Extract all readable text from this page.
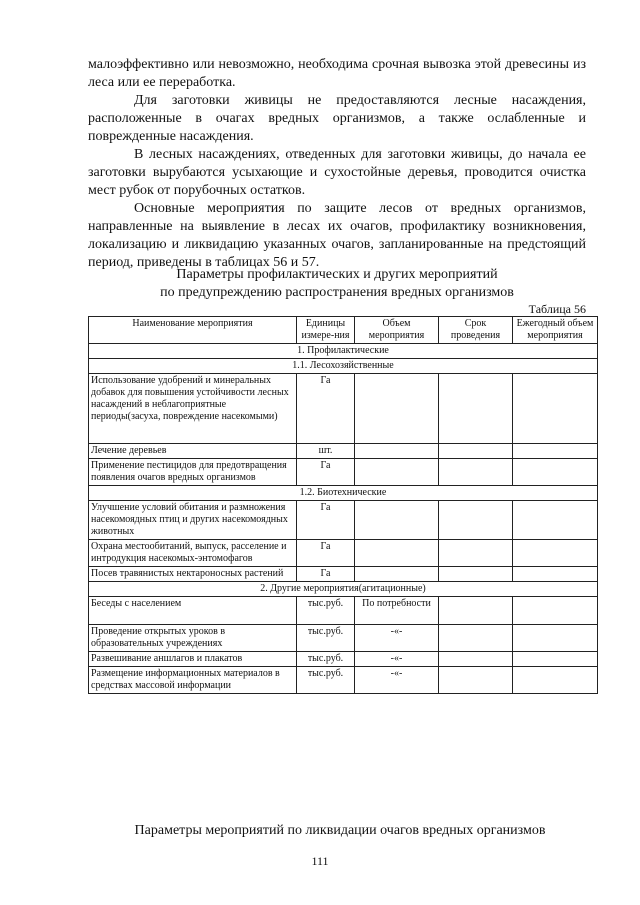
малоэффективно или невозможно, необходима срочная вывозка этой древесины из леса или ее переработка.

Для заготовки живицы не предоставляются лесные насаждения, расположенные в очагах вредных организмов, а также ослабленные и поврежденные насаждения.

В лесных насаждениях, отведенных для заготовки живицы, до начала ее заготовки вырубаются усыхающие и сухостойные деревья, проводится очистка мест рубок от порубочных остатков.

Основные мероприятия по защите лесов от вредных организмов, направленные на выявление в лесах их очагов, профилактику возникновения, локализацию и ликвидацию указанных очагов, запланированные на предстоящий период, приведены в таблицах 56 и 57.

Параметры профилактических и других мероприятий

по предупреждению распространения вредных организмов

Таблица 56
Наименование мероприятия	Единицы измере-ния	Объем мероприятия	Срок проведения	Ежегодный объем мероприятия
1. Профилактические				
1.1. Лесохозяйственные				
Использование удобрений и минеральных добавок для повышения устойчивости лесных насаждений в неблагоприятные периоды(засуха, повреждение насекомыми)	Га			
Лечение деревьев	шт.			
Применение пестицидов для предотвращения появления очагов вредных организмов	Га			
1.2. Биотехнические				
Улучшение условий обитания и размножения насекомоядных птиц и других насекомоядных животных	Га			
Охрана местообитаний, выпуск, расселение и интродукция насекомых-энтомофагов	Га			
Посев травянистых нектароносных растений	Га			
2. Другие мероприятия(агитационные)				
Беседы с населением	тыс.руб.	По потребности		
Проведение открытых уроков в образовательных учреждениях	тыс.руб.	-«-		
Развешивание аншлагов и плакатов	тыс.руб.	-«-		
Размещение информационных материалов в средствах массовой информации	тыс.руб.	-«-		

Параметры мероприятий по ликвидации очагов вредных организмов

111
